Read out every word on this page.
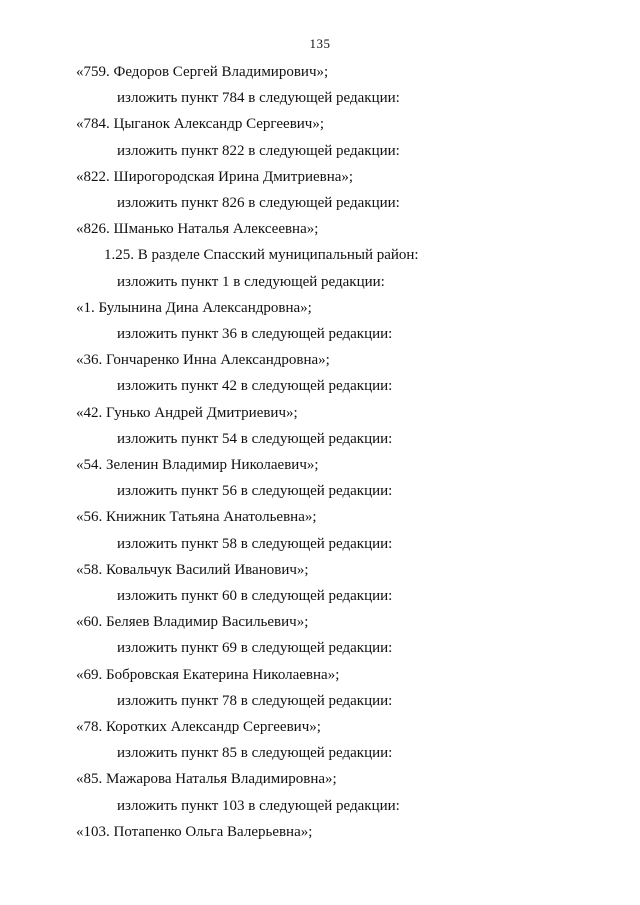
135
«759. Федоров Сергей Владимирович»;
изложить пункт 784 в следующей редакции:
«784. Цыганок Александр Сергеевич»;
изложить пункт 822 в следующей редакции:
«822. Широгородская Ирина Дмитриевна»;
изложить пункт 826 в следующей редакции:
«826. Шманько Наталья Алексеевна»;
1.25. В разделе Спасский муниципальный район:
изложить пункт 1 в следующей редакции:
«1. Булынина Дина Александровна»;
изложить пункт 36 в следующей редакции:
«36. Гончаренко Инна Александровна»;
изложить пункт 42 в следующей редакции:
«42. Гунько Андрей Дмитриевич»;
изложить пункт 54 в следующей редакции:
«54. Зеленин Владимир Николаевич»;
изложить пункт 56 в следующей редакции:
«56. Книжник Татьяна Анатольевна»;
изложить пункт 58 в следующей редакции:
«58. Ковальчук Василий Иванович»;
изложить пункт 60 в следующей редакции:
«60. Беляев Владимир Васильевич»;
изложить пункт 69 в следующей редакции:
«69. Бобровская Екатерина Николаевна»;
изложить пункт 78 в следующей редакции:
«78. Коротких Александр Сергеевич»;
изложить пункт 85 в следующей редакции:
«85. Мажарова Наталья Владимировна»;
изложить пункт 103 в следующей редакции:
«103. Потапенко Ольга Валерьевна»;
